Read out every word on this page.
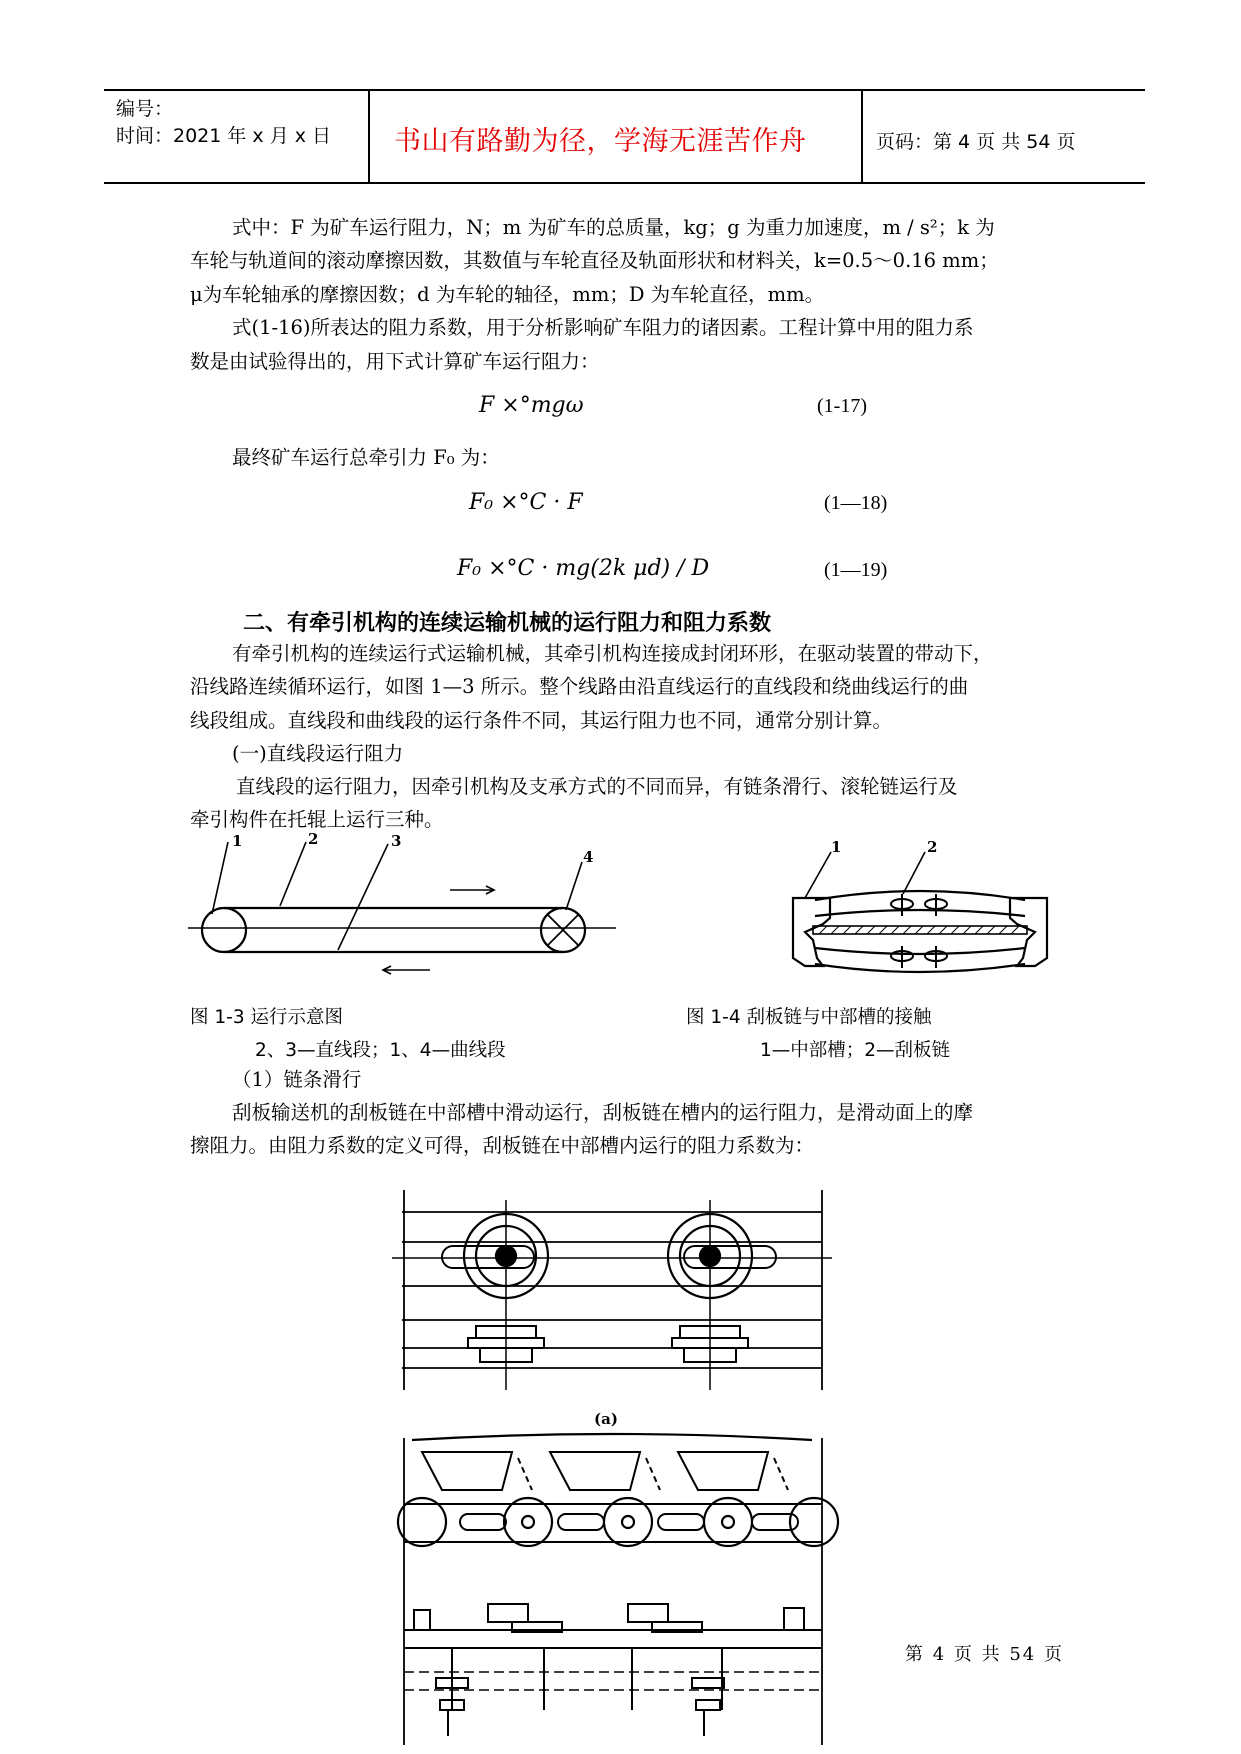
编号：
时间：2021 年 x 月 x 日 书山有路勤为径，学海无涯苦作舟	页码：第 4 页 共 54 页
式中：F 为矿车运行阻力，N；m 为矿车的总质量，kg；g 为重力加速度，m / s²；k 为
车轮与轨道间的滚动摩擦因数，其数值与车轮直径及轨面形状和材料关，k=0.5～0.16 mm；
μ为车轮轴承的摩擦因数；d 为车轮的轴径，mm；D 为车轮直径，mm。
式(1-16)所表达的阻力系数，用于分析影响矿车阻力的诸因素。工程计算中用的阻力系
数是由试验得出的，用下式计算矿车运行阻力：
F ×°mgω	(1-17)
最终矿车运行总牵引力 F₀ 为：
F₀ ×°C · F	(1—18)
F₀ ×°C · mg(2k μd) / D	(1—19)
二、有牵引机构的连续运输机械的运行阻力和阻力系数
有牵引机构的连续运行式运输机械，其牵引机构连接成封闭环形，在驱动装置的带动下，
沿线路连续循环运行，如图 1—3 所示。整个线路由沿直线运行的直线段和绕曲线运行的曲
线段组成。直线段和曲线段的运行条件不同，其运行阻力也不同，通常分别计算。
(一)直线段运行阻力
直线段的运行阻力，因牵引机构及支承方式的不同而异，有链条滑行、滚轮链运行及
牵引构件在托辊上运行三种。
1	2	3
4
1	2
图 1-3 运行示意图
2、3—直线段；1、4—曲线段
图 1-4 刮板链与中部槽的接触
1—中部槽；2—刮板链
（1）链条滑行
刮板输送机的刮板链在中部槽中滑动运行，刮板链在槽内的运行阻力，是滑动面上的摩
擦阻力。由阻力系数的定义可得，刮板链在中部槽内运行的阻力系数为：
(a)
第 4 页 共 54 页
